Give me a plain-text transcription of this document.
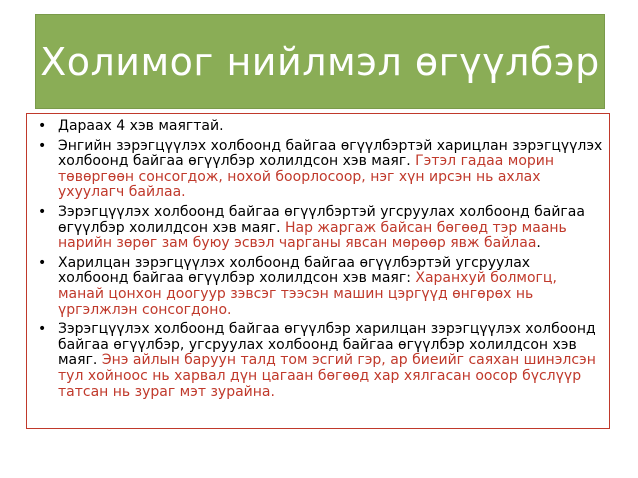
Холимог нийлмэл өгүүлбэр
• Дараах 4 хэв маягтай.
• Энгийн зэрэгцүүлэх холбоонд байгаа өгүүлбэртэй харицлан зэрэгцүүлэх холбоонд байгаа өгүүлбэр холилдсон хэв маяг. Гэтэл гадаа морин төвөргөөн сонсогдож, нохой боорлосоор, нэг хүн ирсэн нь ахлах ухуулагч байлаа.
• Зэрэгцүүлэх холбоонд байгаа өгүүлбэртэй угсруулах холбоонд байгаа өгүүлбэр холилдсон хэв маяг. Нар жаргаж байсан бөгөөд тэр маань нарийн зөрөг зам буюу эсвэл чарганы явсан мөрөөр явж байлаа.
• Харилцан зэрэгцүүлэх холбоонд байгаа өгүүлбэртэй угсруулах холбоонд байгаа өгүүлбэр холилдсон хэв маяг: Харанхуй болмогц, манай цонхон доогуур зэвсэг тээсэн машин цэргүүд өнгөрөх нь үргэлжлэн сонсогдоно.
• Зэрэгцүүлэх холбоонд байгаа өгүүлбэр харилцан зэрэгцүүлэх холбоонд байгаа өгүүлбэр, угсруулах холбоонд байгаа өгүүлбэр холилдсон хэв маяг. Энэ айлын баруун талд том эсгий гэр, ар биеийг саяхан шинэлсэн тул хойноос нь харвал дүн цагаан бөгөөд хар хялгасан оосор бүслүүр татсан нь зураг мэт зурайна.
